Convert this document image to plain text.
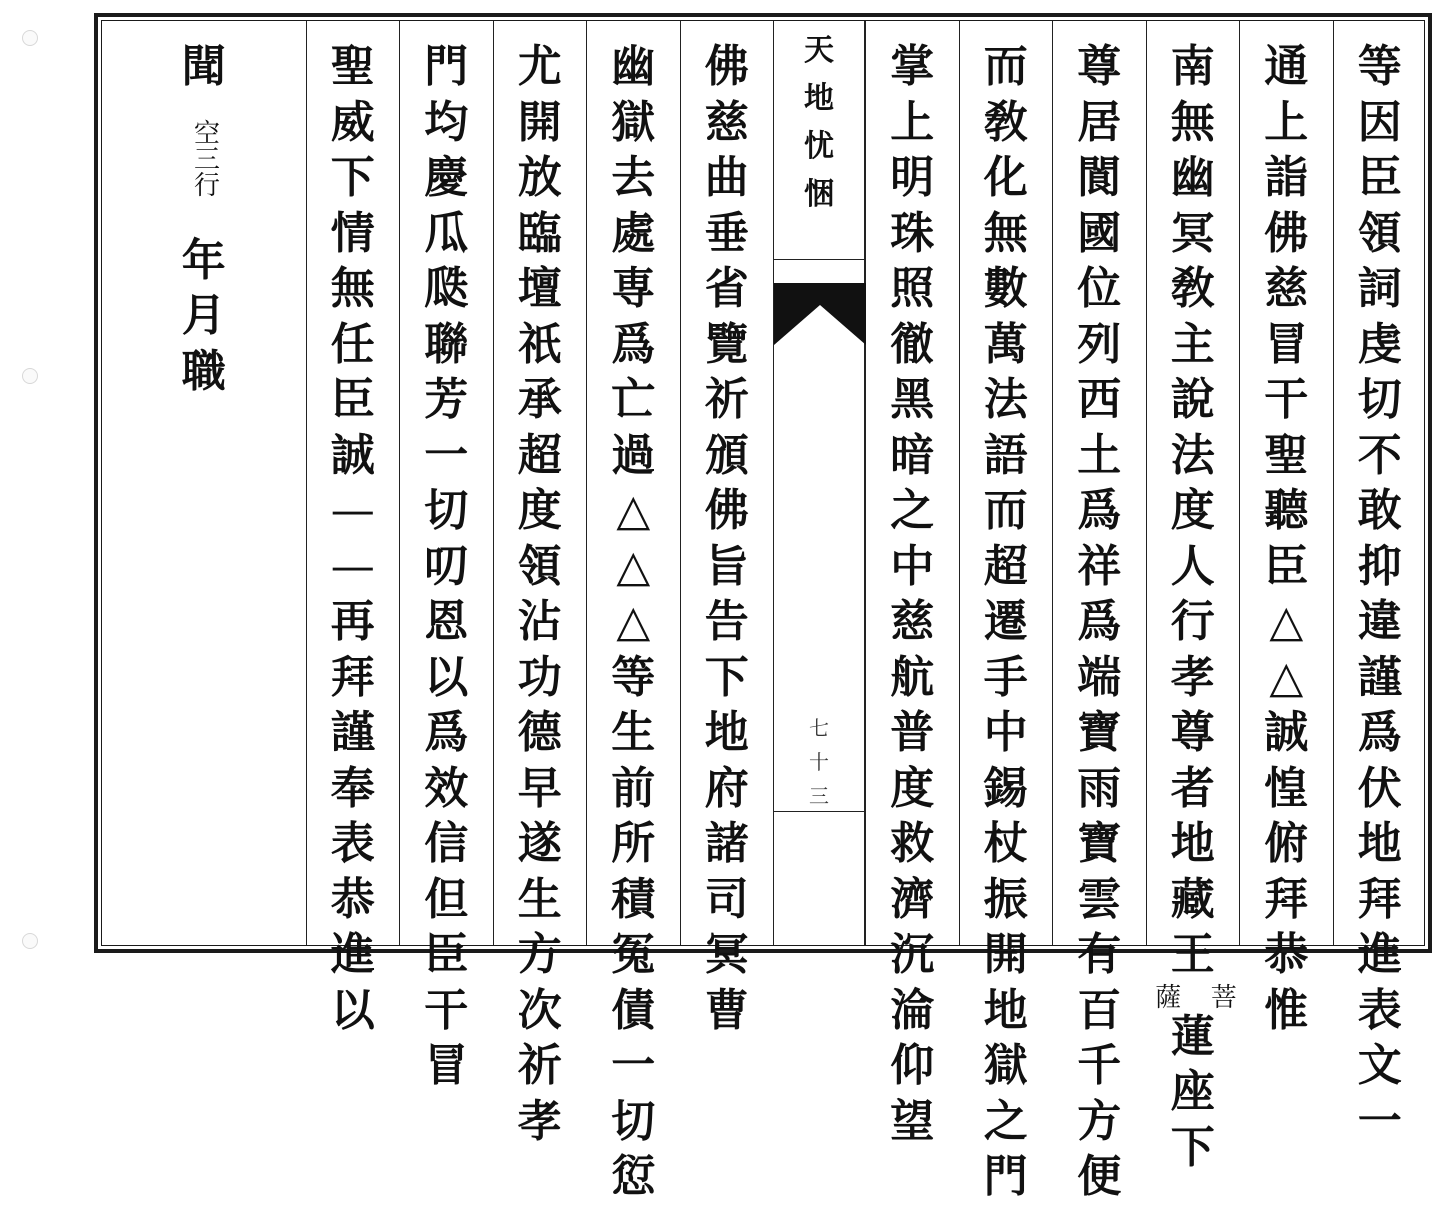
等
因
臣
領
詞
虔
切
不
敢
抑
違
謹
爲
伏
地
拜
進
表
文
一
通
上
詣
佛
慈
冒
干
聖
聽
臣
△
△
誠
惶
俯
拜
恭
惟
南
無
幽
冥
敎
主
說
法
度
人
行
孝
尊
者
地
藏
王
菩薩
蓮
座
下
尊
居
閬
國
位
列
西
土
爲
祥
爲
端
寶
雨
寶
雲
有
百
千
方
便
而
敎
化
無
數
萬
法
語
而
超
遷
手
中
錫
杖
振
開
地
獄
之
門
掌
上
明
珠
照
徹
黑
暗
之
中
慈
航
普
度
救
濟
沉
淪
仰
望
天
地
忧
悃
七
十
三
佛
慈
曲
垂
省
覽
祈
頒
佛
旨
告
下
地
府
諸
司
冥
曹
幽
獄
去
處
専
爲
亡
過
△
△
△
等
生
前
所
積
冤
債
一
切
愆
尤
開
放
臨
壇
祇
承
超
度
領
沾
功
德
早
遂
生
方
次
祈
孝
門
均
慶
瓜
瓞
聯
芳
一
切
叨
恩
以
爲
效
信
但
臣
干
冒
聖
威
下
情
無
任
臣
誠
—
—
再
拜
謹
奉
表
恭
進
以
聞
空三行
年
月
職
